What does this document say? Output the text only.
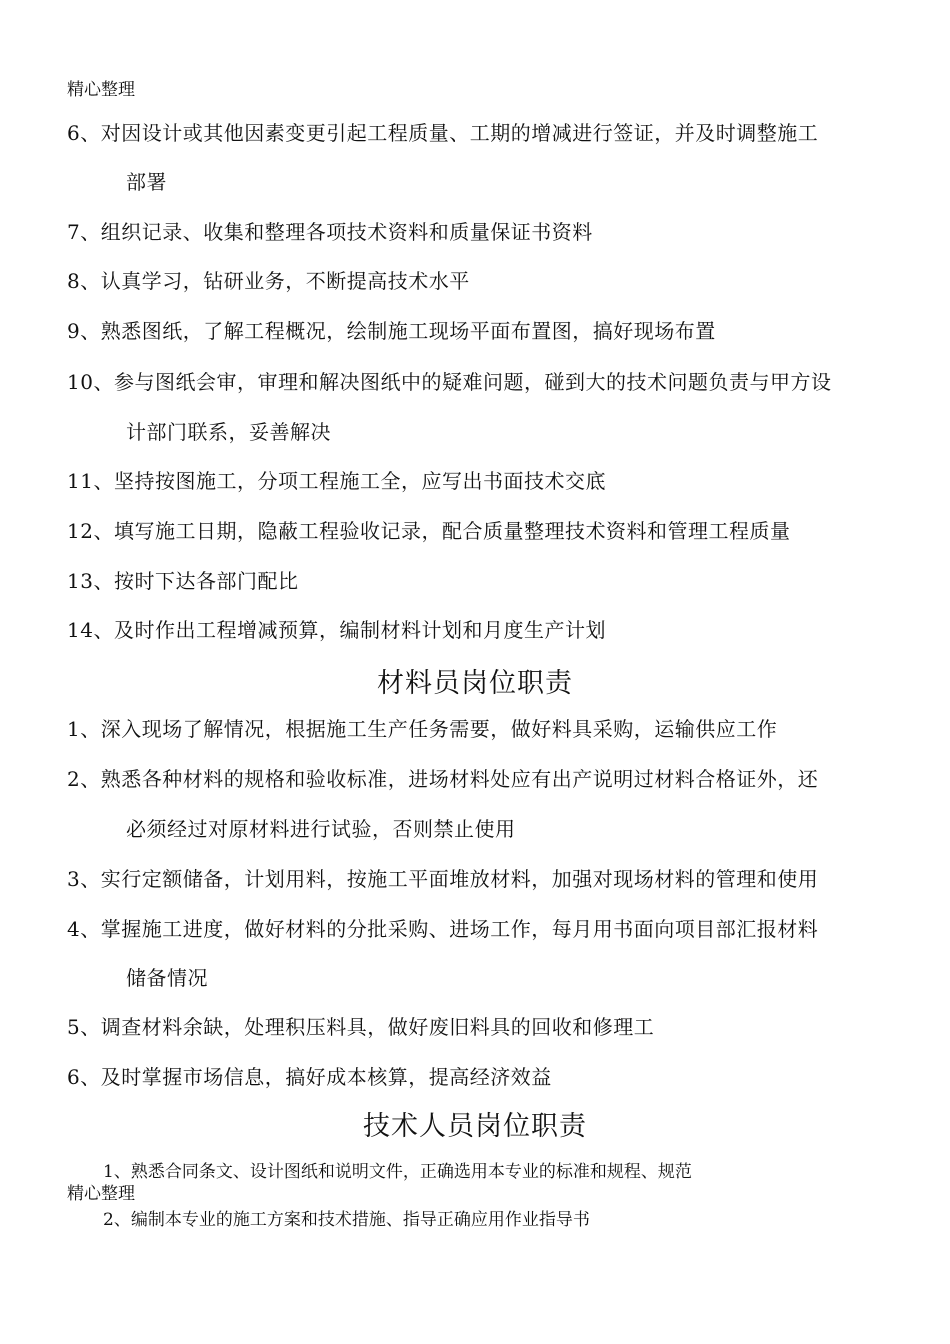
精心整理
6、对因设计或其他因素变更引起工程质量、工期的增减进行签证，并及时调整施工
部署
7、组织记录、收集和整理各项技术资料和质量保证书资料
8、认真学习，钻研业务，不断提高技术水平
9、熟悉图纸，了解工程概况，绘制施工现场平面布置图，搞好现场布置
10、参与图纸会审，审理和解决图纸中的疑难问题，碰到大的技术问题负责与甲方设
计部门联系，妥善解决
11、坚持按图施工，分项工程施工全，应写出书面技术交底
12、填写施工日期，隐蔽工程验收记录，配合质量整理技术资料和管理工程质量
13、按时下达各部门配比
14、及时作出工程增减预算，编制材料计划和月度生产计划
材料员岗位职责
1、深入现场了解情况，根据施工生产任务需要，做好料具采购，运输供应工作
2、熟悉各种材料的规格和验收标准，进场材料处应有出产说明过材料合格证外，还
必须经过对原材料进行试验，否则禁止使用
3、实行定额储备，计划用料，按施工平面堆放材料，加强对现场材料的管理和使用
4、掌握施工进度，做好材料的分批采购、进场工作，每月用书面向项目部汇报材料
储备情况
5、调查材料余缺，处理积压料具，做好废旧料具的回收和修理工
6、及时掌握市场信息，搞好成本核算，提高经济效益
技术人员岗位职责
1、熟悉合同条文、设计图纸和说明文件，正确选用本专业的标准和规程、规范
精心整理
2、编制本专业的施工方案和技术措施、指导正确应用作业指导书
